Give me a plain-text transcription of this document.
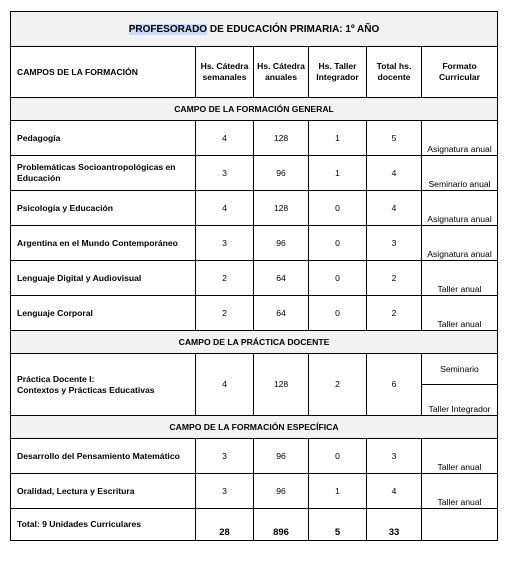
PROFESORADO DE EDUCACIÓN PRIMARIA: 1º AÑO					
CAMPOS DE LA FORMACIÓN	Hs. Cátedra semanales	Hs. Cátedra anuales	Hs. Taller Integrador	Total hs. docente	Formato Curricular
CAMPO DE LA FORMACIÓN GENERAL					
Pedagogía	4	128	1	5	Asignatura anual
Problemáticas Socioantropológicas en Educación	3	96	1	4	Seminario anual
Psicología y Educación	4	128	0	4	Asignatura anual
Argentina en el Mundo Contemporáneo	3	96	0	3	Asignatura anual
Lenguaje Digital y Audiovisual	2	64	0	2	Taller anual
Lenguaje Corporal	2	64	0	2	Taller anual
CAMPO DE LA PRÁCTICA DOCENTE					
Práctica Docente I:
Contextos y Prácticas Educativas	4	128	2	6	Seminario
					Taller Integrador
CAMPO DE LA FORMACIÓN ESPECÍFICA					
Desarrollo del Pensamiento Matemático	3	96	0	3	Taller anual
Oralidad, Lectura y Escritura	3	96	1	4	Taller anual
Total: 9 Unidades Curriculares	28	896	5	33	
